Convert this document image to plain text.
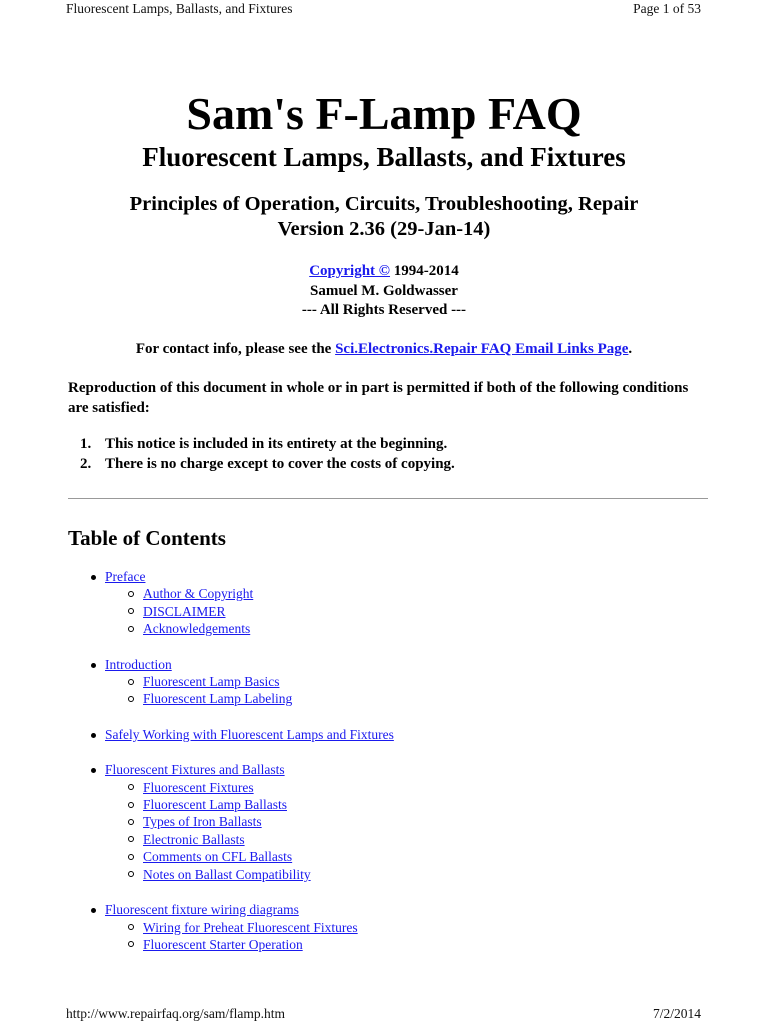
Fluorescent Lamps, Ballasts, and Fixtures	Page 1 of 53
Sam's F-Lamp FAQ
Fluorescent Lamps, Ballasts, and Fixtures
Principles of Operation, Circuits, Troubleshooting, Repair
Version 2.36 (29-Jan-14)
Copyright © 1994-2014
Samuel M. Goldwasser
--- All Rights Reserved ---
For contact info, please see the Sci.Electronics.Repair FAQ Email Links Page.
Reproduction of this document in whole or in part is permitted if both of the following conditions are satisfied:
1. This notice is included in its entirety at the beginning.
2. There is no charge except to cover the costs of copying.
Table of Contents
Preface
Author & Copyright
DISCLAIMER
Acknowledgements
Introduction
Fluorescent Lamp Basics
Fluorescent Lamp Labeling
Safely Working with Fluorescent Lamps and Fixtures
Fluorescent Fixtures and Ballasts
Fluorescent Fixtures
Fluorescent Lamp Ballasts
Types of Iron Ballasts
Electronic Ballasts
Comments on CFL Ballasts
Notes on Ballast Compatibility
Fluorescent fixture wiring diagrams
Wiring for Preheat Fluorescent Fixtures
Fluorescent Starter Operation
http://www.repairfaq.org/sam/flamp.htm	7/2/2014
